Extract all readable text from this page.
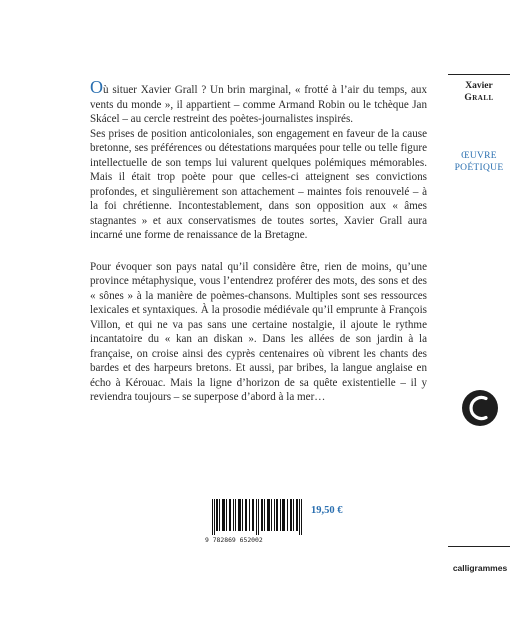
Où situer Xavier Grall ? Un brin marginal, « frotté à l’air du temps, aux vents du monde », il appartient – comme Armand Robin ou le tchèque Jan Skácel – au cercle restreint des poètes-journalistes inspirés.

Ses prises de position anticoloniales, son engagement en faveur de la cause bretonne, ses préférences ou détestations marquées pour telle ou telle figure intellectuelle de son temps lui valurent quelques polémiques mémorables. Mais il était trop poète pour que celles-ci atteignent ses convictions profondes, et singulièrement son attachement – maintes fois renouvelé – à la foi chrétienne. Incontestablement, dans son opposition aux « âmes stagnantes » et aux conservatismes de toutes sortes, Xavier Grall aura incarné une forme de renaissance de la Bretagne.

Pour évoquer son pays natal qu’il considère être, rien de moins, qu’une province métaphysique, vous l’entendrez proférer des mots, des sons et des « sônes » à la manière de poèmes-chansons. Multiples sont ses ressources lexicales et syntaxiques. À la prosodie médiévale qu’il emprunte à François Villon, et qui ne va pas sans une certaine nostalgie, il ajoute le rythme incantatoire du « kan an diskan ». Dans les allées de son jardin à la française, on croise ainsi des cyprès centenaires où vibrent les chants des bardes et des harpeurs bretons. Et aussi, par bribes, la langue anglaise en écho à Kérouac. Mais la ligne d’horizon de sa quête existentielle – il y reviendra toujours – se superpose d’abord à la mer…

Xavier
Grall
ŒUVRE
POÉTIQUE
calligrammes
9 782869 652002
19,50 €
